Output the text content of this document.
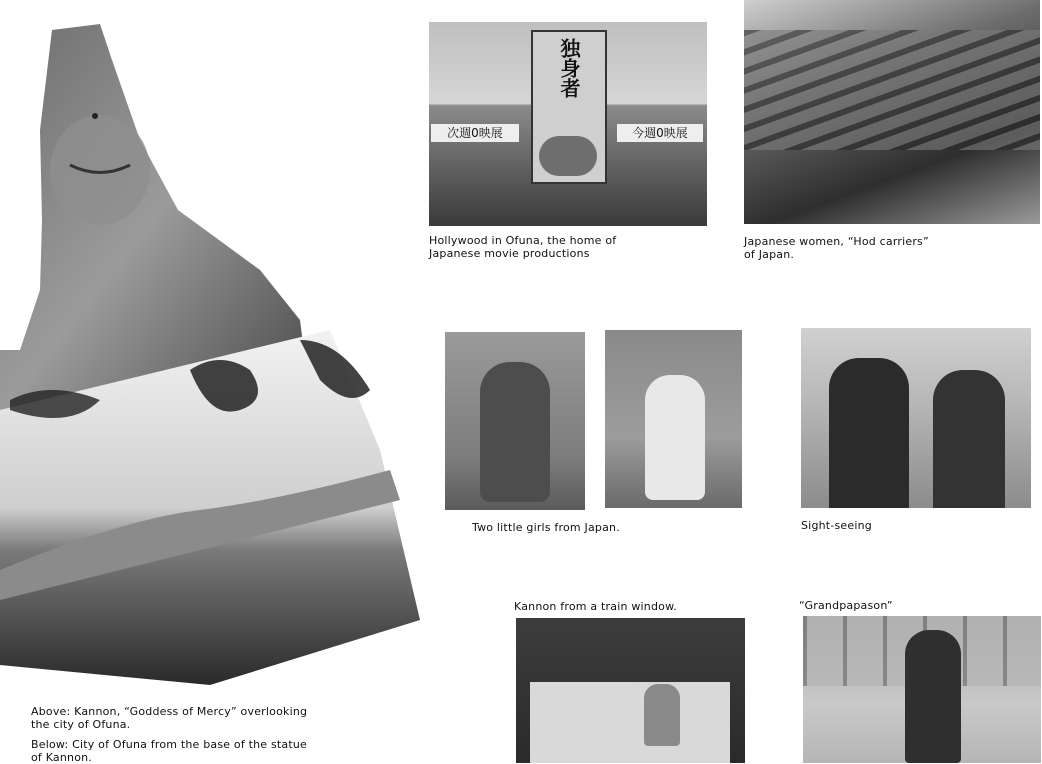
独身者
次週0映展	今週0映展
Hollywood in Ofuna, the home of
Japanese movie productions
Japanese women, “Hod carriers”
of Japan.
Two little girls from Japan.	Sight-seeing
Kannon from a train window.	“Grandpapason”
Above: Kannon, “Goddess of Mercy” overlooking
the city of Ofuna.
Below: City of Ofuna from the base of the statue
of Kannon.
